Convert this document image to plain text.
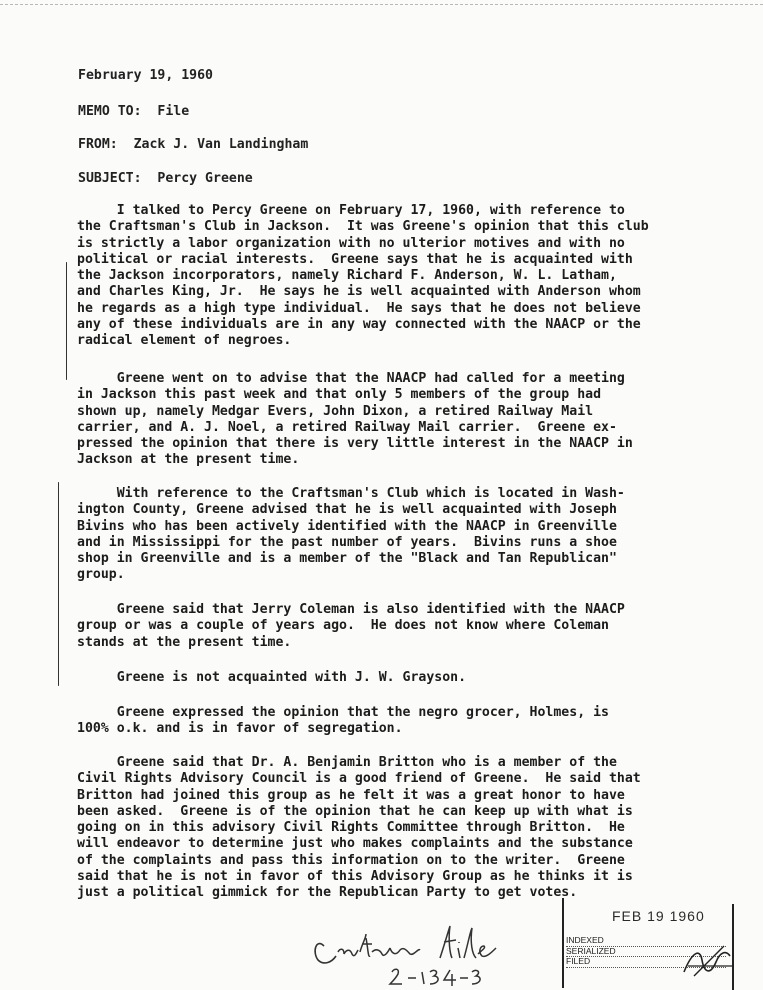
February 19, 1960
MEMO TO: File
FROM: Zack J. Van Landingham
SUBJECT: Percy Greene
I talked to Percy Greene on February 17, 1960, with reference to
the Craftsman's Club in Jackson.  It was Greene's opinion that this club
is strictly a labor organization with no ulterior motives and with no
political or racial interests.  Greene says that he is acquainted with
the Jackson incorporators, namely Richard F. Anderson, W. L. Latham,
and Charles King, Jr.  He says he is well acquainted with Anderson whom
he regards as a high type individual.  He says that he does not believe
any of these individuals are in any way connected with the NAACP or the
radical element of negroes.
Greene went on to advise that the NAACP had called for a meeting
in Jackson this past week and that only 5 members of the group had
shown up, namely Medgar Evers, John Dixon, a retired Railway Mail
carrier, and A. J. Noel, a retired Railway Mail carrier.  Greene ex-
pressed the opinion that there is very little interest in the NAACP in
Jackson at the present time.
With reference to the Craftsman's Club which is located in Wash-
ington County, Greene advised that he is well acquainted with Joseph
Bivins who has been actively identified with the NAACP in Greenville
and in Mississippi for the past number of years.  Bivins runs a shoe
shop in Greenville and is a member of the "Black and Tan Republican"
group.
Greene said that Jerry Coleman is also identified with the NAACP
group or was a couple of years ago.  He does not know where Coleman
stands at the present time.
Greene is not acquainted with J. W. Grayson.
Greene expressed the opinion that the negro grocer, Holmes, is
100% o.k. and is in favor of segregation.
Greene said that Dr. A. Benjamin Britton who is a member of the
Civil Rights Advisory Council is a good friend of Greene.  He said that
Britton had joined this group as he felt it was a great honor to have
been asked.  Greene is of the opinion that he can keep up with what is
going on in this advisory Civil Rights Committee through Britton.  He
will endeavor to determine just who makes complaints and the substance
of the complaints and pass this information on to the writer.  Greene
said that he is not in favor of this Advisory Group as he thinks it is
just a political gimmick for the Republican Party to get votes.
FEB 19 1960
INDEXED
SERIALIZED
FILED
